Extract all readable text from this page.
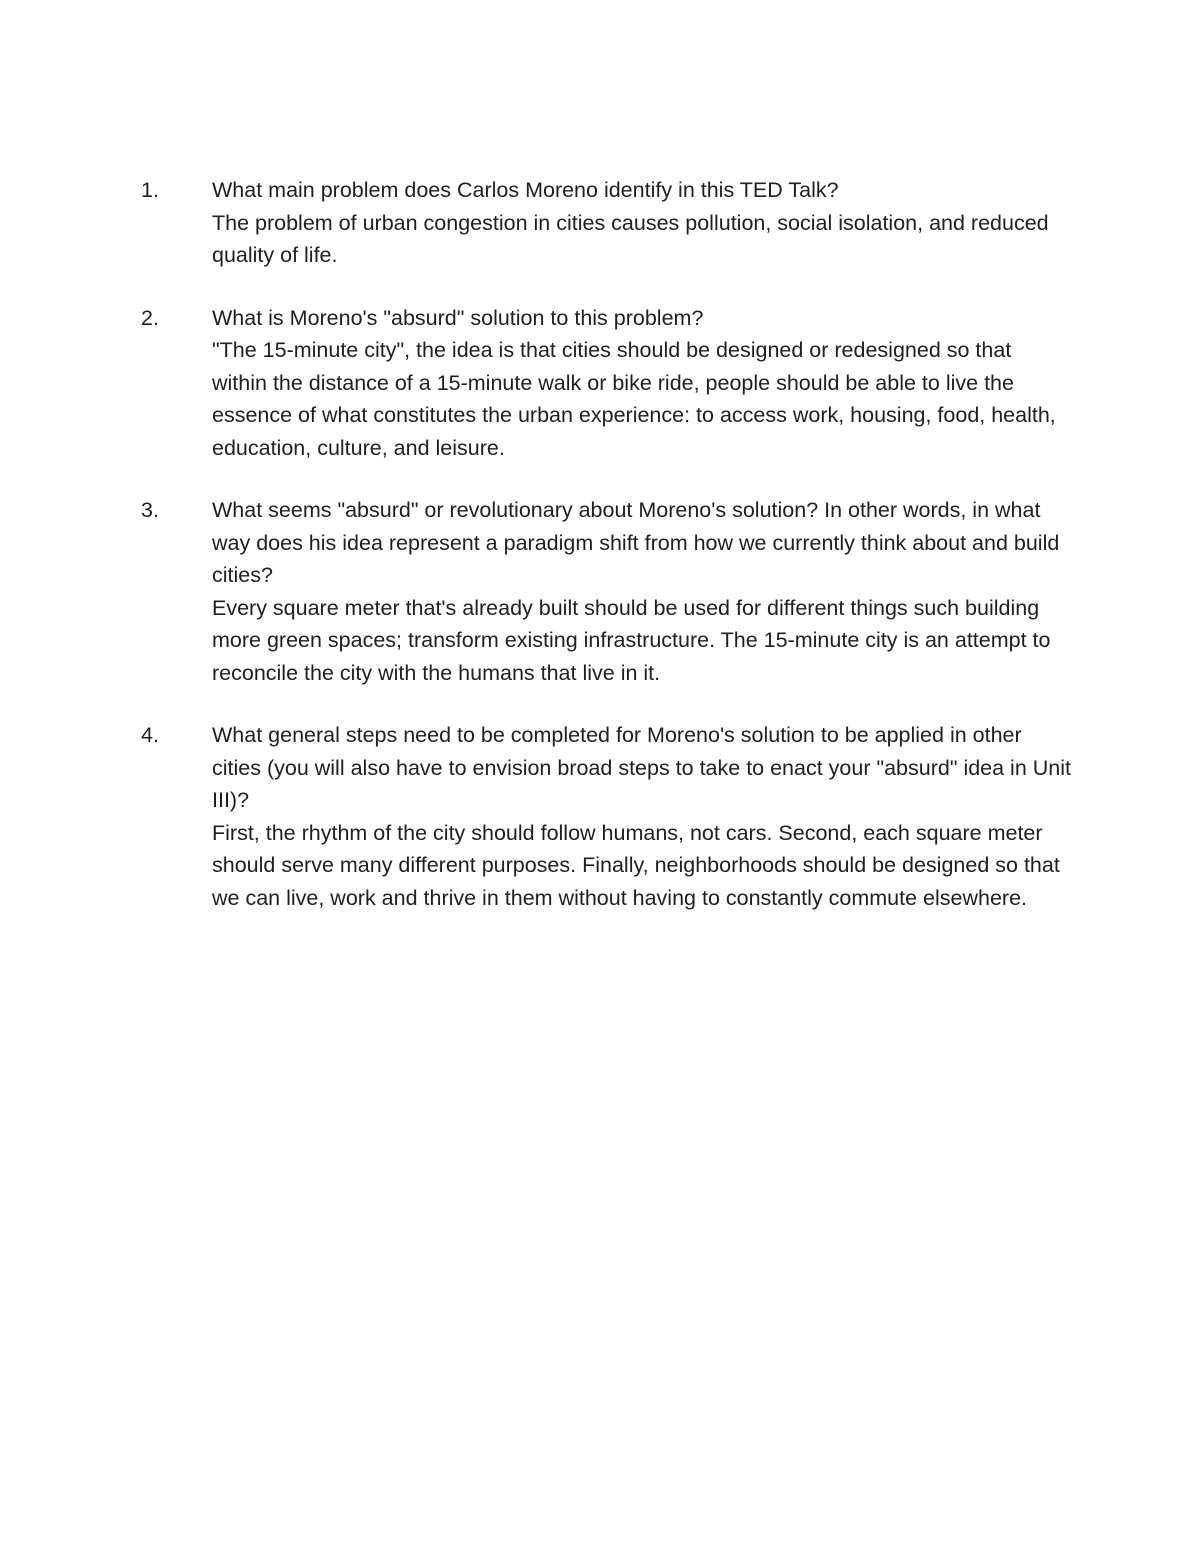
1.	What main problem does Carlos Moreno identify in this TED Talk?

The problem of urban congestion in cities causes pollution, social isolation, and reduced quality of life.

2.	What is Moreno's "absurd" solution to this problem?

"The 15-minute city", the idea is that cities should be designed or redesigned so that within the distance of a 15-minute walk or bike ride, people should be able to live the essence of what constitutes the urban experience: to access work, housing, food, health, education, culture, and leisure.

3.	What seems "absurd" or revolutionary about Moreno's solution? In other words, in what way does his idea represent a paradigm shift from how we currently think about and build cities?

Every square meter that's already built should be used for different things such building more green spaces; transform existing infrastructure. The 15-minute city is an attempt to reconcile the city with the humans that live in it.

4.	What general steps need to be completed for Moreno's solution to be applied in other cities (you will also have to envision broad steps to take to enact your "absurd" idea in Unit III)?

First, the rhythm of the city should follow humans, not cars. Second, each square meter should serve many different purposes. Finally, neighborhoods should be designed so that we can live, work and thrive in them without having to constantly commute elsewhere.
